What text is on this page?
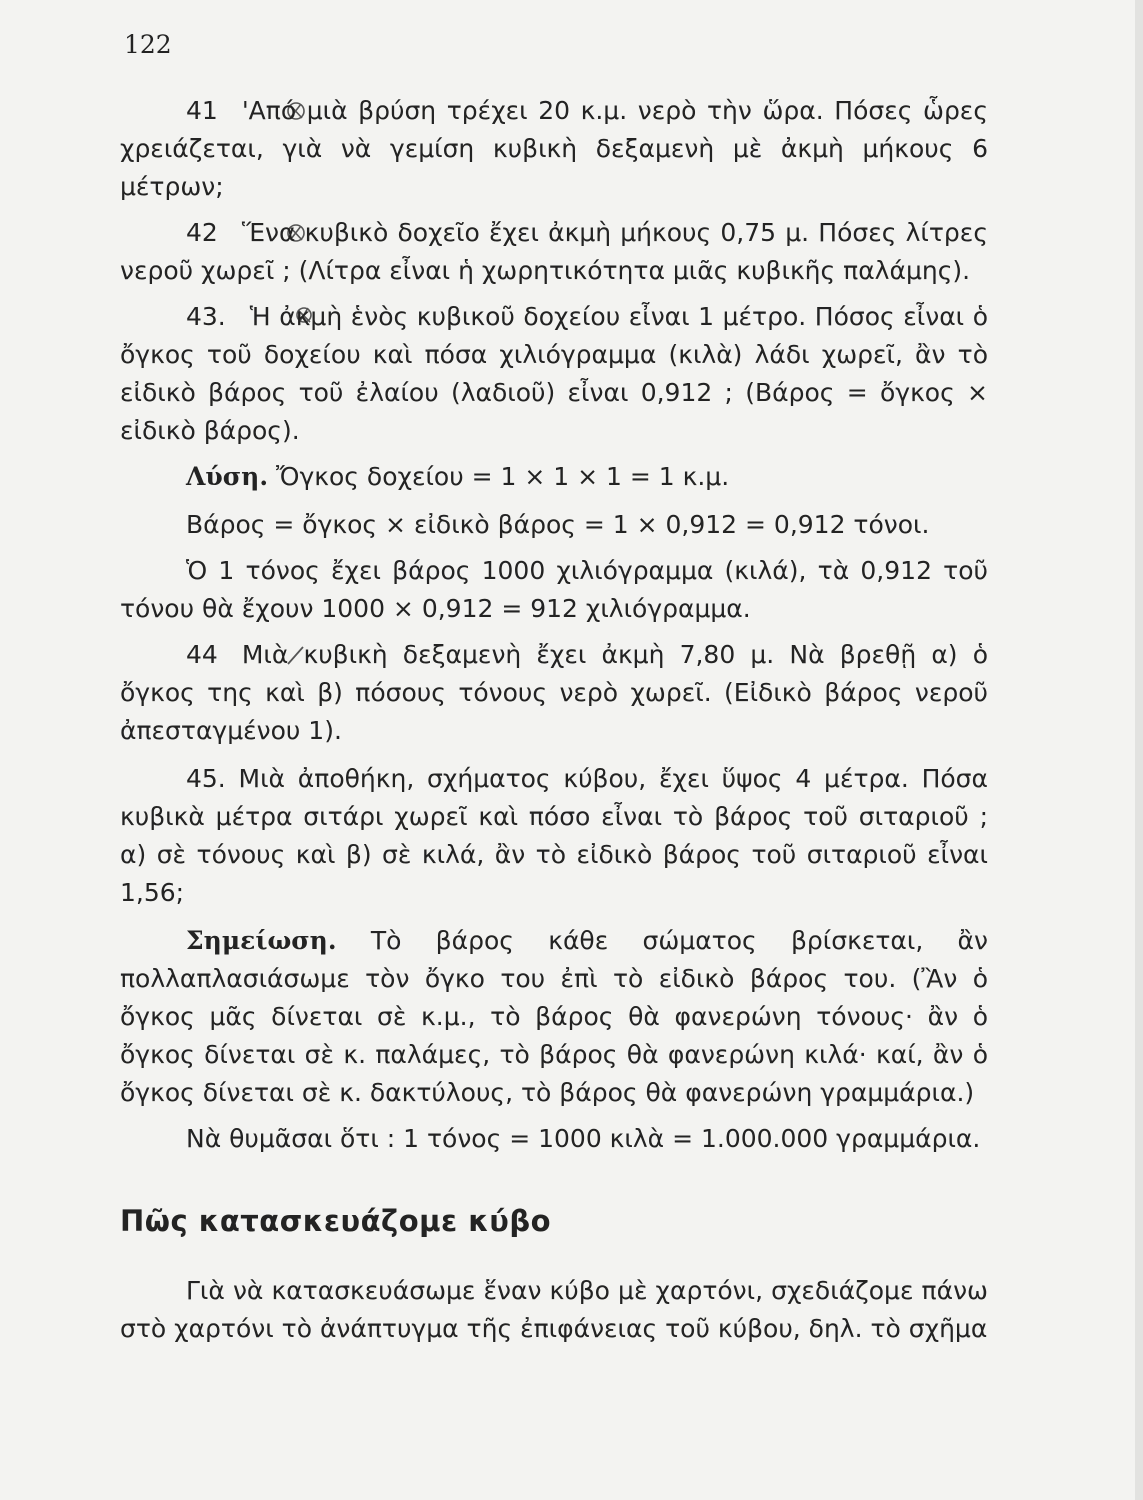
122

41 'Από μιὰ βρύση τρέχει 20 κ.μ. νερὸ τὴν ὥρα. Πόσες ὧρες χρειάζεται, γιὰ νὰ γεμίση κυβικὴ δεξαμενὴ μὲ ἀκμὴ μήκους 6 μέτρων;

42 Ἕνα κυβικὸ δοχεῖο ἔχει ἀκμὴ μήκους 0,75 μ. Πόσες λίτρες νεροῦ χωρεῖ ; (Λίτρα εἶναι ἡ χωρητικότητα μιᾶς κυβικῆς παλάμης).

43. Ἡ ἀκμὴ ἑνὸς κυβικοῦ δοχείου εἶναι 1 μέτρο. Πόσος εἶναι ὁ ὄγκος τοῦ δοχείου καὶ πόσα χιλιόγραμμα (κιλὰ) λάδι χωρεῖ, ἂν τὸ εἰδικὸ βάρος τοῦ ἐλαίου (λαδιοῦ) εἶναι 0,912 ; (Βάρος = ὄγκος × εἰδικὸ βάρος).

Λύση. Ὄγκος δοχείου = 1 × 1 × 1 = 1 κ.μ.

Βάρος = ὄγκος × εἰδικὸ βάρος = 1 × 0,912 = 0,912 τόνοι.

Ὁ 1 τόνος ἔχει βάρος 1000 χιλιόγραμμα (κιλά), τὰ 0,912 τοῦ τόνου θὰ ἔχουν 1000 × 0,912 = 912 χιλιόγραμμα.

44 Μιὰ κυβικὴ δεξαμενὴ ἔχει ἀκμὴ 7,80 μ. Νὰ βρεθῇ α) ὁ ὄγκος της καὶ β) πόσους τόνους νερὸ χωρεῖ. (Εἰδικὸ βάρος νεροῦ ἀπεσταγμένου 1).

45. Μιὰ ἀποθήκη, σχήματος κύβου, ἔχει ὕψος 4 μέτρα. Πόσα κυβικὰ μέτρα σιτάρι χωρεῖ καὶ πόσο εἶναι τὸ βάρος τοῦ σιταριοῦ ; α) σὲ τόνους καὶ β) σὲ κιλά, ἂν τὸ εἰδικὸ βάρος τοῦ σιταριοῦ εἶναι 1,56;

Σημείωση. Τὸ βάρος κάθε σώματος βρίσκεται, ἂν πολλαπλασιάσωμε τὸν ὄγκο του ἐπὶ τὸ εἰδικὸ βάρος του. (Ἂν ὁ ὄγκος μᾶς δίνεται σὲ κ.μ., τὸ βάρος θὰ φανερώνη τόνους· ἂν ὁ ὄγκος δίνεται σὲ κ. παλάμες, τὸ βάρος θὰ φανερώνη κιλά· καί, ἂν ὁ ὄγκος δίνεται σὲ κ. δακτύλους, τὸ βάρος θὰ φανερώνη γραμμάρια.)

Νὰ θυμᾶσαι ὅτι : 1 τόνος = 1000 κιλὰ = 1.000.000 γραμμάρια.

Πῶς κατασκευάζομε κύβο

Γιὰ νὰ κατασκευάσωμε ἕναν κύβο μὲ χαρτόνι, σχεδιάζομε πάνω στὸ χαρτόνι τὸ ἀνάπτυγμα τῆς ἐπιφάνειας τοῦ κύβου, δηλ. τὸ σχῆμα
